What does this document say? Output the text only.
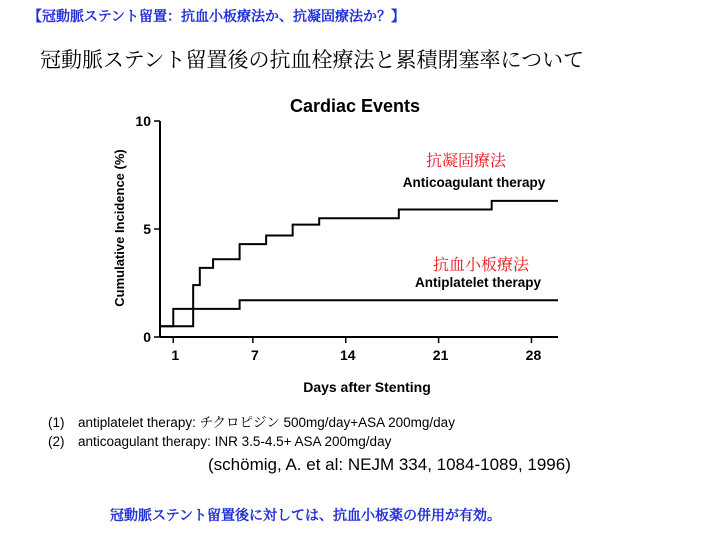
【冠動脈ステント留置：抗血小板療法か、抗凝固療法か？】
冠動脈ステント留置後の抗血栓療法と累積閉塞率について
Cardiac Events
1	7	14	21	28
0
5
10
抗凝固療法
Anticoagulant therapy
抗血小板療法
Antiplatelet therapy
Days after Stenting
Cumulative Incidence (%)
(1) antiplatelet therapy: チクロピジン 500mg/day+ASA 200mg/day
(2) anticoagulant therapy: INR 3.5-4.5+ ASA 200mg/day
(schömig, A. et al: NEJM 334, 1084-1089, 1996)
冠動脈ステント留置後に対しては、抗血小板薬の併用が有効。
